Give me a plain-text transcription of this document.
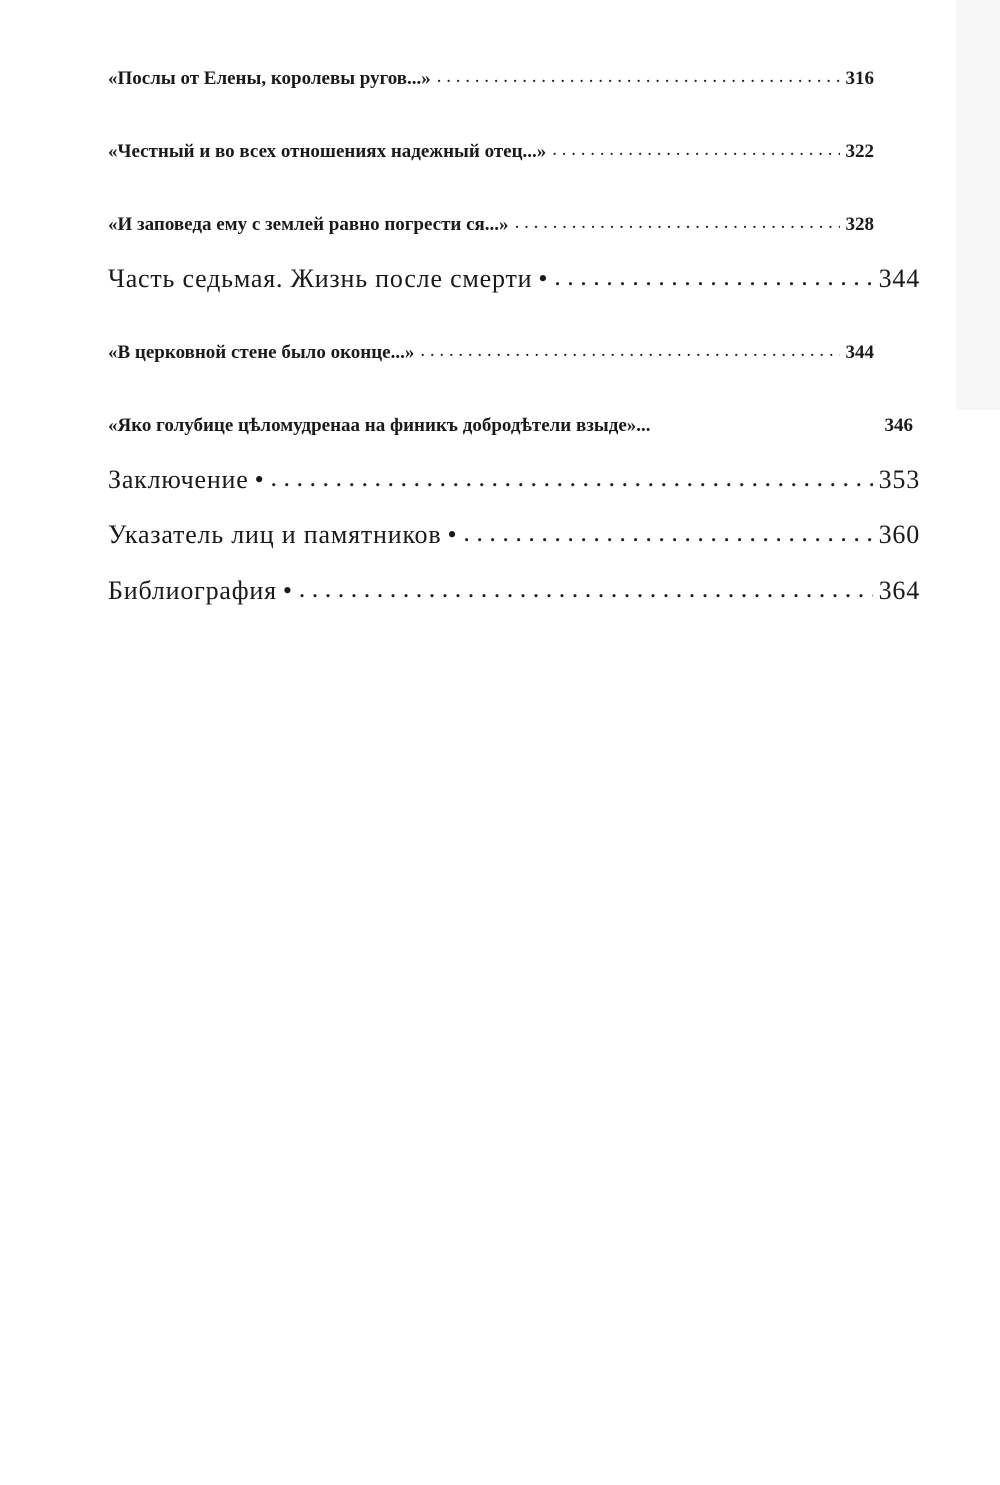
«Послы от Елены, королевы ругов...» . . .	316
«Честный и во всех отношениях надежный отец...» . . .	322
«И заповеда ему с землей равно погрести ся...» . . .	328
Часть седьмая. Жизнь после смерти • . . .	344
«В церковной стене было оконце...» . . .	344
«Яко голубице цѣломудренаа на финикъ добродѣтели взыде»...	346
Заключение • . . .	353
Указатель лиц и памятников • . . .	360
Библиография • . . .	364
